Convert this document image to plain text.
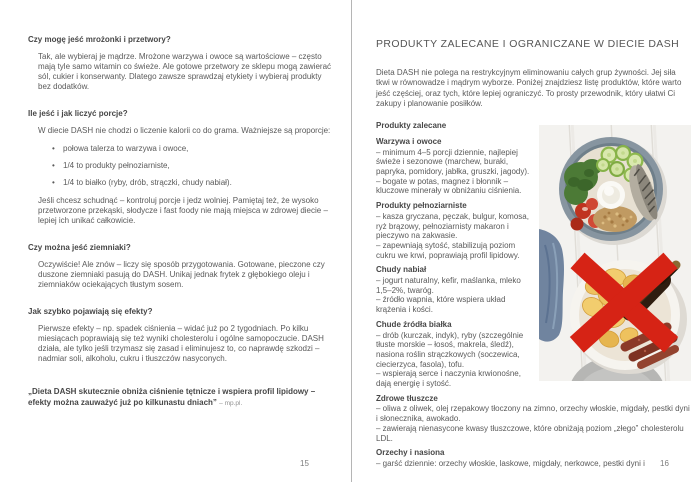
Czy mogę jeść mrożonki i przetwory?

Tak, ale wybieraj je mądrze. Mrożone warzywa i owoce są wartościowe – często mają tyle samo witamin co świeże. Ale gotowe przetwory ze sklepu mogą zawierać sól, cukier i konserwanty. Dlatego zawsze sprawdzaj etykiety i wybieraj produkty bez dodatków.

Ile jeść i jak liczyć porcje?

W diecie DASH nie chodzi o liczenie kalorii co do grama. Ważniejsze są proporcje:

• połowa talerza to warzywa i owoce,
• 1/4 to produkty pełnoziarniste,
• 1/4 to białko (ryby, drób, strączki, chudy nabiał).

Jeśli chcesz schudnąć – kontroluj porcje i jedz wolniej. Pamiętaj też, że wysoko przetworzone przekąski, słodycze i fast foody nie mają miejsca w zdrowej diecie – lepiej ich unikać całkowicie.

Czy można jeść ziemniaki?

Oczywiście! Ale znów – liczy się sposób przygotowania. Gotowane, pieczone czy duszone ziemniaki pasują do DASH. Unikaj jednak frytek z głębokiego oleju i ziemniaków ociekających tłustym sosem.

Jak szybko pojawiają się efekty?

Pierwsze efekty – np. spadek ciśnienia – widać już po 2 tygodniach. Po kilku miesiącach poprawiają się też wyniki cholesterolu i ogólne samopoczucie. DASH działa, ale tylko jeśli trzymasz się zasad i eliminujesz to, co naprawdę szkodzi – nadmiar soli, alkoholu, cukru i tłuszczów nasyconych.

„Dieta DASH skutecznie obniża ciśnienie tętnicze i wspiera profil lipidowy – efekty można zauważyć już po kilkunastu dniach” – mp.pl.

15
PRODUKTY ZALECANE I OGRANICZANE W DIECIE DASH

Dieta DASH nie polega na restrykcyjnym eliminowaniu całych grup żywności. Jej siła tkwi w równowadze i mądrym wyborze. Poniżej znajdziesz listę produktów, które warto jeść częściej, oraz tych, które lepiej ograniczyć. To prosty przewodnik, który ułatwi Ci zakupy i planowanie posiłków.

Produkty zalecane
Warzywa i owoce
– minimum 4–5 porcji dziennie, najlepiej świeże i sezonowe (marchew, buraki, papryka, pomidory, jabłka, gruszki, jagody).
– bogate w potas, magnez i błonnik – kluczowe minerały w obniżaniu ciśnienia.
Produkty pełnoziarniste
– kasza gryczana, pęczak, bulgur, komosa, ryż brązowy, pełnoziarnisty makaron i pieczywo na zakwasie.
– zapewniają sytość, stabilizują poziom cukru we krwi, poprawiają profil lipidowy.
Chudy nabiał
– jogurt naturalny, kefir, maślanka, mleko 1,5–2%, twaróg.
– źródło wapnia, które wspiera układ krążenia i kości.
Chude źródła białka
– drób (kurczak, indyk), ryby (szczególnie tłuste morskie – łosoś, makrela, śledź), nasiona roślin strączkowych (soczewica, ciecierzyca, fasola), tofu.
– wspierają serce i naczynia krwionośne, dają energię i sytość.
Zdrowe tłuszcze
– oliwa z oliwek, olej rzepakowy tłoczony na zimno, orzechy włoskie, migdały, pestki dyni i słonecznika, awokado.
– zawierają nienasycone kwasy tłuszczowe, które obniżają poziom „złego” cholesterolu LDL.
Orzechy i nasiona
– garść dziennie: orzechy włoskie, laskowe, migdały, nerkowce, pestki dyni i	16
